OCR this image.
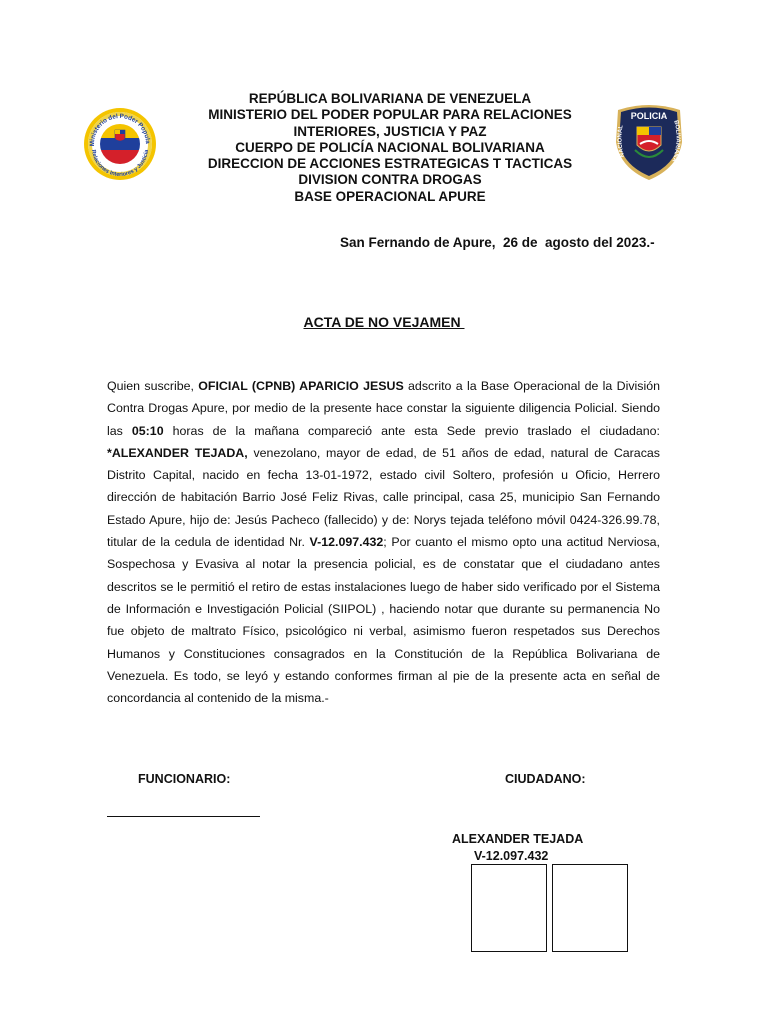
Ministerio del Poder Popula
Relaciones Interiores y Justicia
POLICIA
NACIONAL
BOLIVARIANA
REPÚBLICA BOLIVARIANA DE VENEZUELA
MINISTERIO DEL PODER POPULAR PARA RELACIONES
INTERIORES, JUSTICIA Y PAZ
CUERPO DE POLICÍA NACIONAL BOLIVARIANA
DIRECCION DE ACCIONES ESTRATEGICAS T TACTICAS
DIVISION CONTRA DROGAS
BASE OPERACIONAL APURE
San Fernando de Apure,  26 de  agosto del 2023.-
ACTA DE NO VEJAMEN
Quien suscribe, OFICIAL (CPNB) APARICIO JESUS adscrito a la Base Operacional de la División Contra Drogas Apure, por medio de la presente hace constar la siguiente diligencia Policial. Siendo las 05:10 horas de la mañana compareció ante esta Sede previo traslado el ciudadano: *ALEXANDER TEJADA, venezolano, mayor de edad, de 51 años de edad, natural de Caracas Distrito Capital, nacido en fecha 13-01-1972, estado civil Soltero, profesión u Oficio, Herrero dirección de habitación Barrio José Feliz Rivas, calle principal, casa 25, municipio San Fernando Estado Apure, hijo de: Jesús Pacheco (fallecido) y de: Norys tejada teléfono móvil 0424-326.99.78, titular de la cedula de identidad Nr. V-12.097.432; Por cuanto el mismo opto una actitud Nerviosa, Sospechosa y Evasiva al notar la presencia policial, es de constatar que el ciudadano antes descritos se le permitió el retiro de estas instalaciones luego de haber sido verificado por el Sistema de Información e Investigación Policial (SIIPOL) , haciendo notar que durante su permanencia No fue objeto de maltrato Físico, psicológico ni verbal, asimismo fueron respetados sus Derechos Humanos y Constituciones consagrados en la Constitución de la República Bolivariana de Venezuela. Es todo, se leyó y estando conformes firman al pie de la presente acta en señal de concordancia al contenido de la misma.-
FUNCIONARIO:	CIUDADANO:
ALEXANDER TEJADA
V-12.097.432
